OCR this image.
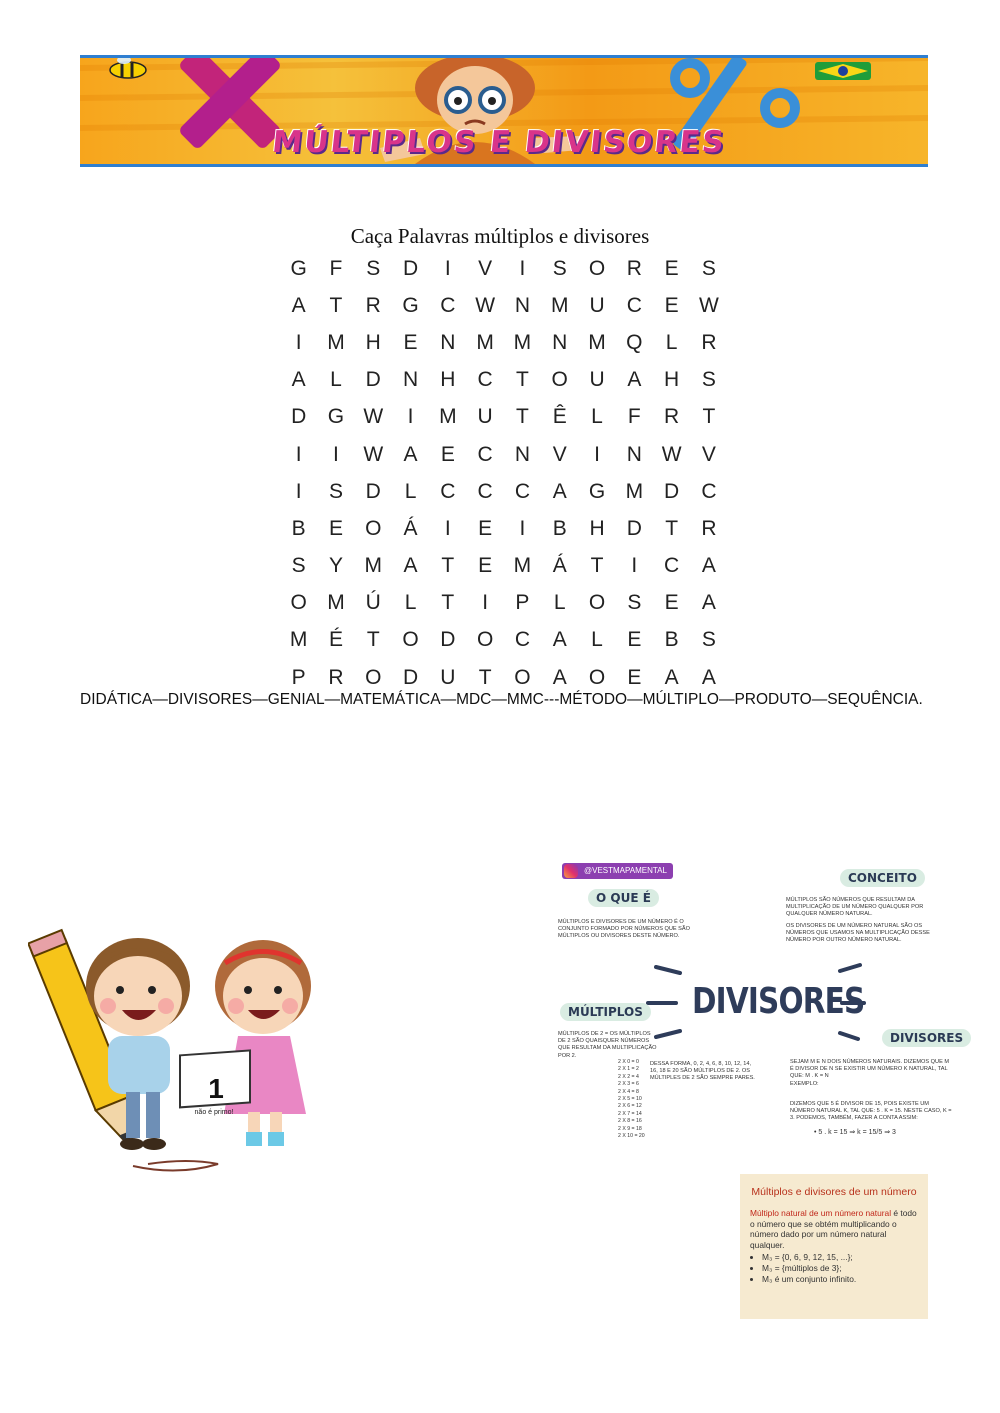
MÚLTIPLOS E DIVISORES
Caça Palavras múltiplos e divisores
G	F	S	D	I	V	I	S	O	R	E	S
A	T	R	G	C W N M U	C	E W
I	M H	E	N M M N M Q	L	R
A	L	D	N	H	C	T	O	U	A	H	S
D	G W	I	M U	T	Ê	L	F	R	T
I	I	W A	E	C	N	V	I	N W V
I	S	D	L	C	C	C	A	G M D	C
B	E	O	Á	I	E	I	B	H	D	T	R
S	Y	M	A	T	E	M	Á	T	I	C	A
O M Ú	L	T	I	P	L	O	S	E	A
M	É	T	O	D	O	C	A	L	E	B	S
P	R	O	D	U	T	O	A	O	E	A	A
DIDÁTICA—DIVISORES—GENIAL—MATEMÁTICA—MDC—MMC---MÉTODO—MÚLTIPLO—PRODUTO—SEQUÊNCIA.
1
não é primo!
@VESTMAPAMENTAL
O QUE É
MÚLTIPLOS E DIVISORES DE UM NÚMERO É O CONJUNTO FORMADO POR NÚMEROS QUE SÃO MÚLTIPLOS OU DIVISORES DESTE NÚMERO.
CONCEITO
MÚLTIPLOS SÃO NÚMEROS QUE RESULTAM DA MULTIPLICAÇÃO DE UM NÚMERO QUALQUER POR QUALQUER NÚMERO NATURAL.
OS DIVISORES DE UM NÚMERO NATURAL SÃO OS NÚMEROS QUE USAMOS NA MULTIPLICAÇÃO DESSE NÚMERO POR OUTRO NÚMERO NATURAL.
DIVISORES
MÚLTIPLOS
MÚLTIPLOS DE 2 = OS MÚLTIPLOS DE 2 SÃO QUAISQUER NÚMEROS QUE RESULTAM DA MULTIPLICAÇÃO POR 2.
2 X 0 = 0
2 X 1 = 2
2 X 2 = 4
2 X 3 = 6
2 X 4 = 8
2 X 5 = 10
2 X 6 = 12
2 X 7 = 14
2 X 8 = 16
2 X 9 = 18
2 X 10 = 20
DESSA FORMA, 0, 2, 4, 6, 8, 10, 12, 14, 16, 18 E 20 SÃO MÚLTIPLOS DE 2. OS MÚLTIPLES DE 2 SÃO SEMPRE PARES.
DIVISORES
SEJAM M E N DOIS NÚMEROS NATURAIS. DIZEMOS QUE M É DIVISOR DE N SE EXISTIR UM NÚMERO K NATURAL, TAL QUE: M . K = N
EXEMPLO:
DIZEMOS QUE 5 É DIVISOR DE 15, POIS EXISTE UM NÚMERO NATURAL K, TAL QUE: 5 . K = 15. NESTE CASO, K = 3. PODEMOS, TAMBÉM, FAZER A CONTA ASSIM:
• 5 . k = 15 ⇒ k = 15/5 ⇒ 3
Múltiplos e divisores de um número
Múltiplo natural de um número natural é todo o número que se obtém multiplicando o número dado por um número natural qualquer.
• M₃ = {0, 6, 9, 12, 15, ...};
• M₃ = {múltiplos de 3};
• M₃ é um conjunto infinito.
